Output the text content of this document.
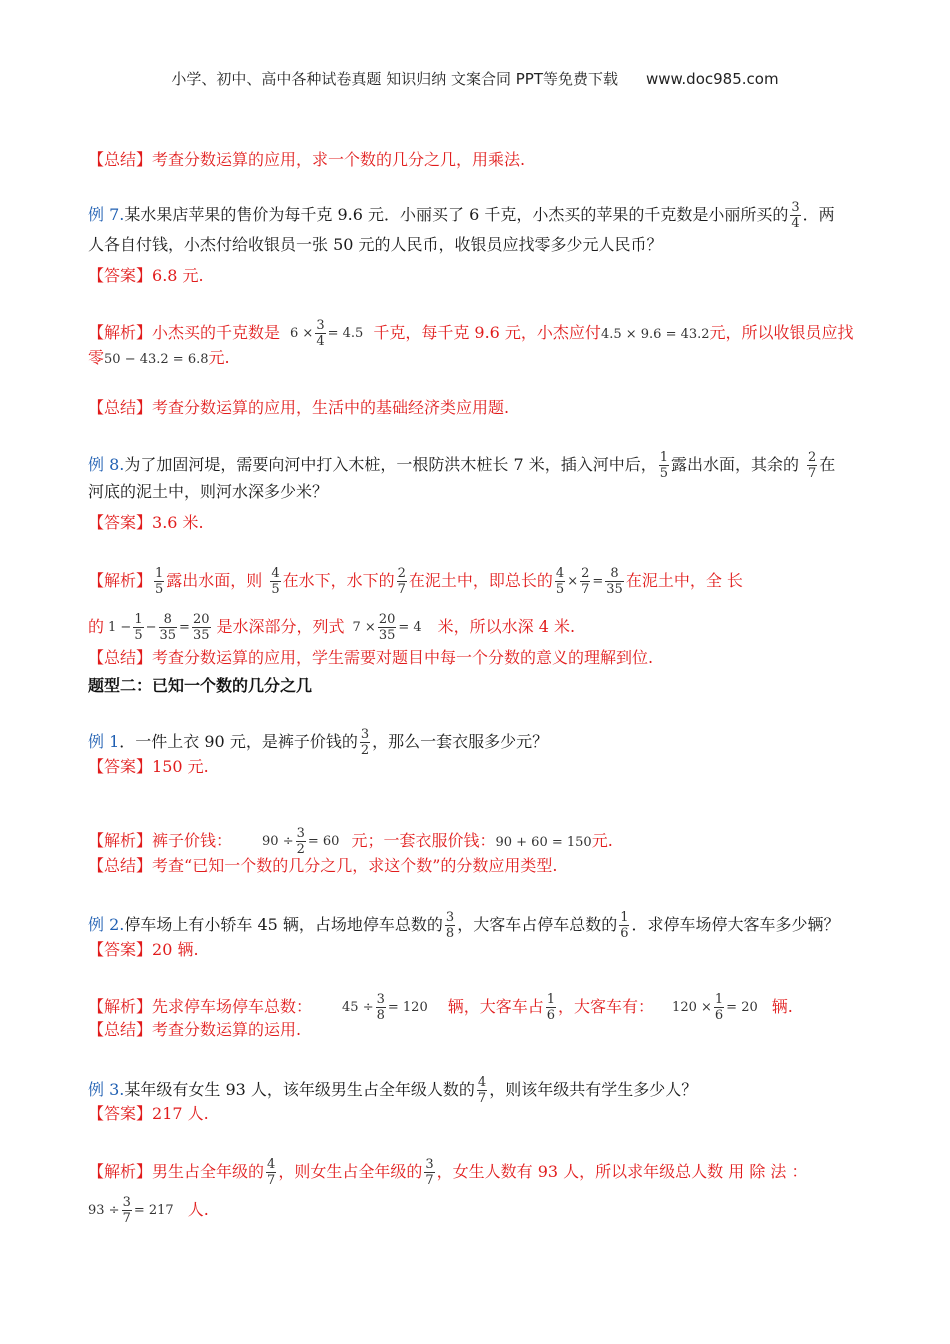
小学、初中、高中各种试卷真题 知识归纳 文案合同 PPT等免费下载 www.doc985.com
【总结】考查分数运算的应用，求一个数的几分之几，用乘法.
例 7.某水果店苹果的售价为每千克 9.6 元．小丽买了 6 千克，小杰买的苹果的千克数是小丽所买的 $\frac{3}{4}$ ．两
人各自付钱，小杰付给收银员一张 50 元的人民币，收银员应找零多少元人民币？
【答案】6.8 元.
【解析】小杰买的千克数是 $6 \times \frac{3}{4} = 4.5$ 千克，每千克 9.6 元，小杰应付4.5 × 9.6 = 43.2元，所以收银员应找
零50 − 43.2 = 6.8元.
【总结】考查分数运算的应用，生活中的基础经济类应用题.
例 8.为了加固河堤，需要向河中打入木桩，一根防洪木桩长 7 米，插入河中后， $\frac{1}{5}$ 露出水面，其余的 $\frac{2}{7}$ 在
河底的泥土中，则河水深多少米？
【答案】3.6 米.
【解析】 $\frac{1}{5}$ 露出水面，则 $\frac{4}{5}$ 在水下，水下的 $\frac{2}{7}$ 在泥土中，即总长的 $\frac{4}{5} \times \frac{2}{7} = \frac{8}{35}$ 在泥土中，全 长
的 $1 - \frac{1}{5} - \frac{8}{35} = \frac{20}{35}$ 是水深部分，列式 $7 \times \frac{20}{35} = 4$ 米，所以水深 4 米.
【总结】考查分数运算的应用，学生需要对题目中每一个分数的意义的理解到位.
题型二：已知一个数的几分之几
例 1．一件上衣 90 元，是裤子价钱的 $\frac{3}{2}$ ，那么一套衣服多少元？
【答案】150 元.
【解析】裤子价钱： $90 \div \frac{3}{2} = 60$ 元；一套衣服价钱：90 + 60 = 150元.
【总结】考查“已知一个数的几分之几，求这个数”的分数应用类型.
例 2.停车场上有小轿车 45 辆，占场地停车总数的 $\frac{3}{8}$ ，大客车占停车总数的 $\frac{1}{6}$ ．求停车场停大客车多少辆？
【答案】20 辆.
【解析】先求停车场停车总数： $45 \div \frac{3}{8} = 120$ 辆，大客车占 $\frac{1}{6}$ ，大客车有： $120 \times \frac{1}{6} = 20$ 辆.
【总结】考查分数运算的运用.
例 3.某年级有女生 93 人，该年级男生占全年级人数的 $\frac{4}{7}$ ，则该年级共有学生多少人？
【答案】217 人.
【解析】男生占全年级的 $\frac{4}{7}$ ，则女生占全年级的 $\frac{3}{7}$ ，女生人数有 93 人，所以求年级总人数 用 除 法 ：
$93 \div \frac{3}{7} = 217$ 人.
